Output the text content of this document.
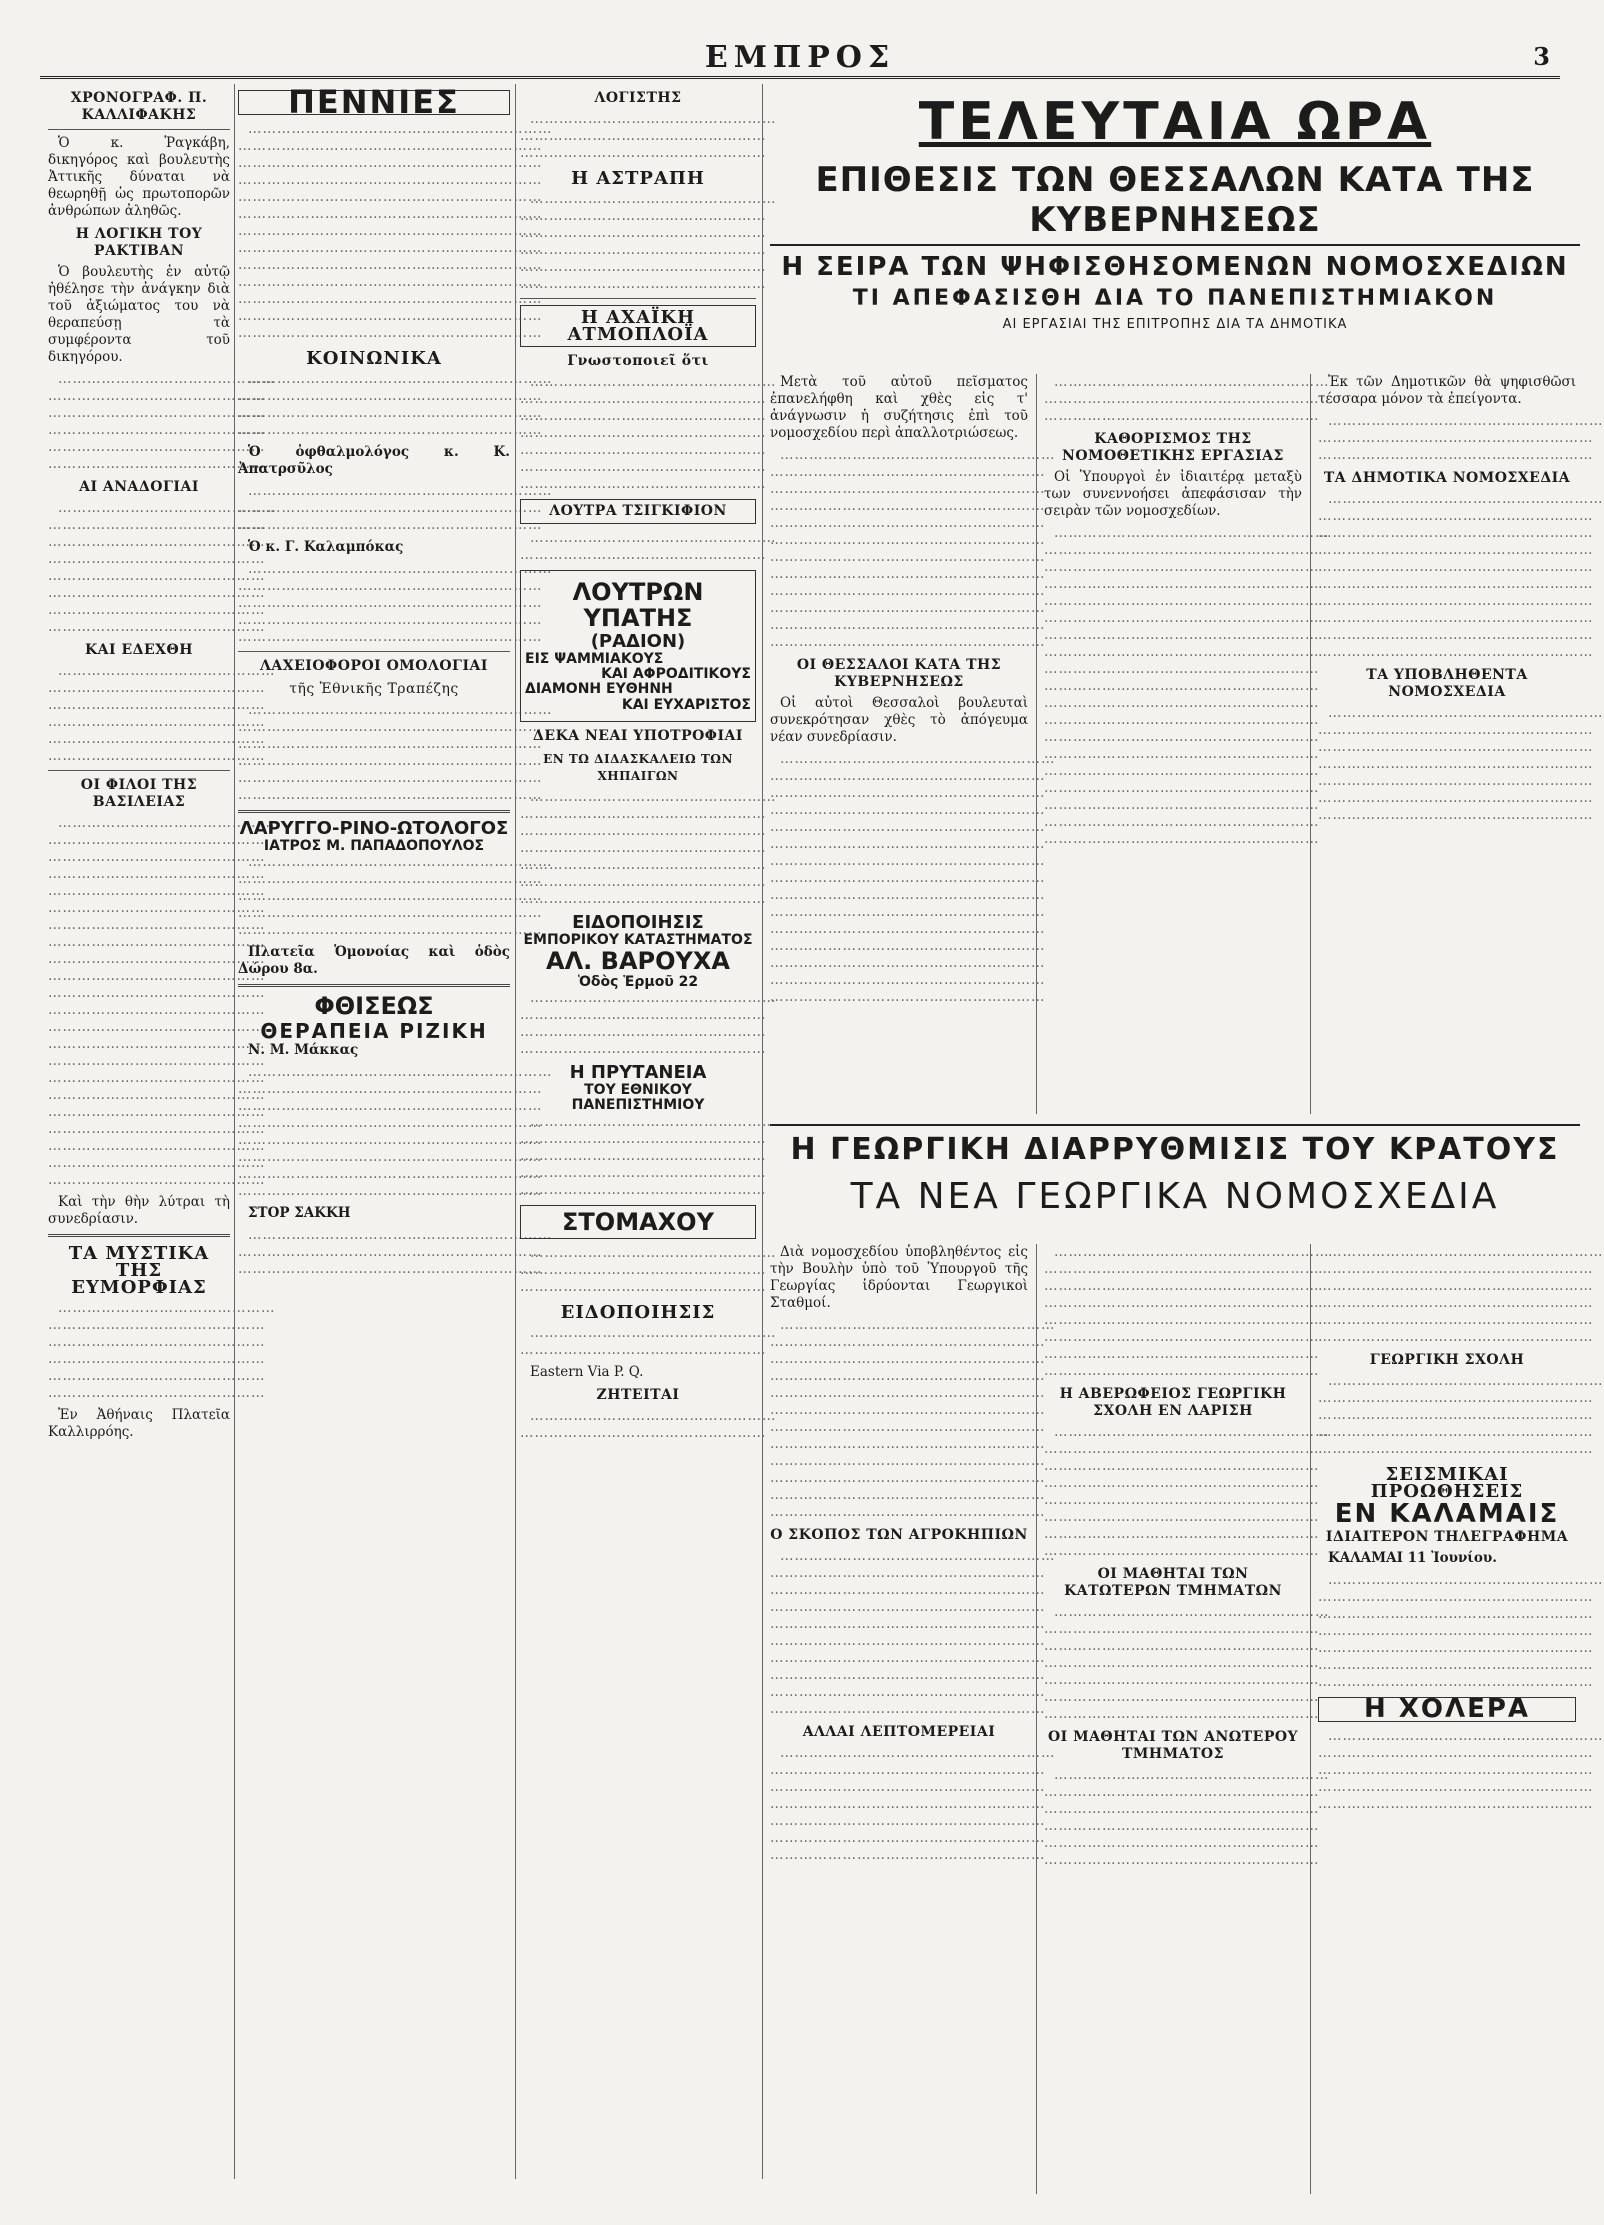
ΕΜΠΡΟΣ	3
ΧΡΟΝΟΓΡΑΦ. Π. ΚΑΛΛΙΦΑΚΗΣ

Ὁ κ. Ῥαγκάβη, δικηγόρος καὶ βουλευτὴς Ἀττικῆς δύναται νὰ θεωρηθῇ ὡς πρωτοπορῶν ἀνθρώπων ἀληθῶς.

Η ΛΟΓΙΚΗ ΤΟΥ ΡΑΚΤΙΒΑΝ

Ὁ βουλευτὴς ἐν αὐτῷ ἠθέλησε τὴν ἀνάγκην διὰ τοῦ ἀξιώματος του νὰ θεραπεύσῃ τὰ συμφέροντα τοῦ δικηγόρου.

……………………………………… ……………………………………… ……………………………………… ……………………………………… ……………………………………… ………………………………………

ΑΙ ΑΝΑΔΟΓΙΑΙ

……………………………………… ……………………………………… ……………………………………… ……………………………………… ……………………………………… ……………………………………… ……………………………………… ………………………………………

ΚΑΙ ΕΔΕΧΘΗ

……………………………………… ……………………………………… ……………………………………… ……………………………………… ……………………………………… ………………………………………

ΟΙ ΦΙΛΟΙ ΤΗΣ ΒΑΣΙΛΕΙΑΣ

……………………………………… ……………………………………… ……………………………………… ……………………………………… ……………………………………… ……………………………………… ……………………………………… ……………………………………… ……………………………………… ……………………………………… ……………………………………… ……………………………………… ……………………………………… ……………………………………… ……………………………………… ……………………………………… ……………………………………… ……………………………………… ……………………………………… ……………………………………… ……………………………………… ………………………………………

Καὶ τὴν θὴν λύτραι τὴ συνεδρίασιν.

ΤΑ ΜΥΣΤΙΚΑ ΤΗΣ ΕΥΜΟΡΦΙΑΣ

……………………………………… ……………………………………… ……………………………………… ……………………………………… ……………………………………… ………………………………………

Ἐν Ἀθήναις Πλατεῖα Καλλιρρόης.

ΠΕΝΝΙΕΣ

……………………………………………………… ……………………………………………………… ……………………………………………………… ……………………………………………………… ……………………………………………………… ……………………………………………………… ……………………………………………………… ……………………………………………………… ……………………………………………………… ……………………………………………………… ……………………………………………………… ……………………………………………………… ………………………………………………………

ΚΟΙΝΩΝΙΚΑ

……………………………………………………… ……………………………………………………… ……………………………………………………… ………………………………………………………

Ὁ ὀφθαλμολόγος κ. Κ. Ἀπατρσῦλος

……………………………………………………… ……………………………………………………… ………………………………………………………

Ὁ κ. Γ. Καλαμπόκας

……………………………………………………… ……………………………………………………… ……………………………………………………… ……………………………………………………… ………………………………………………………

ΛΑΧΕΙΟΦΟΡΟΙ ΟΜΟΛΟΓΙΑΙ
τῆς Ἐθνικῆς Τραπέζης

……………………………………………………… ……………………………………………………… ……………………………………………………… ……………………………………………………… ……………………………………………………… ………………………………………………………

ΛΑΡΥΓΓΟ-ΡΙΝΟ-ΩΤΟΛΟΓΟΣ
ΙΑΤΡΟΣ Μ. ΠΑΠΑΔΟΠΟΥΛΟΣ

……………………………………………………… ……………………………………………………… ……………………………………………………… ……………………………………………………… ………………………………………………………

Πλατεῖα Ὁμονοίας καὶ ὁδὸς Δώρου 8α.

ΦΘΙΣΕΩΣ
ΘΕΡΑΠΕΙΑ ΡΙΖΙΚΗ

Ν. Μ. Μάκκας

……………………………………………………… ……………………………………………………… ……………………………………………………… ……………………………………………………… ……………………………………………………… ……………………………………………………… ……………………………………………………… ………………………………………………………

ΣΤΟΡ ΣΑΚΚΗ

……………………………………………………… ……………………………………………………… ………………………………………………………

ΛΟΓΙΣΤΗΣ

…………………………………………… …………………………………………… ……………………………………………

Η ΑΣΤΡΑΠΗ

…………………………………………… …………………………………………… …………………………………………… …………………………………………… …………………………………………… ……………………………………………

Η ΑΧΑΪΚΗ ΑΤΜΟΠΛΟΪΑ
Γνωστοποιεῖ ὅτι

…………………………………………… …………………………………………… …………………………………………… …………………………………………… …………………………………………… …………………………………………… ……………………………………………

ΛΟΥΤΡΑ ΤΣΙΓΚΙΦΙΟΝ

…………………………………………… ……………………………………………

ΛΟΥΤΡΩΝ ΥΠΑΤΗΣ
(ΡΑΔΙΟΝ)
ΕΙΣ ΨΑΜΜΙΑΚΟΥΣ
ΚΑΙ ΑΦΡΟΔΙΤΙΚΟΥΣ
ΔΙΑΜΟΝΗ ΕΥΘΗΝΗ
ΚΑΙ ΕΥΧΑΡΙΣΤΟΣ
ΔΕΚΑ ΝΕΑΙ ΥΠΟΤΡΟΦΙΑΙ
ΕΝ ΤΩ ΔΙΔΑΣΚΑΛΕΙΩ ΤΩΝ ΧΗΠΑΙΓΩΝ

…………………………………………… …………………………………………… …………………………………………… …………………………………………… …………………………………………… …………………………………………… ……………………………………………

ΕΙΔΟΠΟΙΗΣΙΣ
ΕΜΠΟΡΙΚΟΥ ΚΑΤΑΣΤΗΜΑΤΟΣ
ΑΛ. ΒΑΡΟΥΧΑ
Ὁδὸς Ἑρμοῦ 22

…………………………………………… …………………………………………… …………………………………………… ……………………………………………

Η ΠΡΥΤΑΝΕΙΑ
ΤΟΥ ΕΘΝΙΚΟΥ ΠΑΝΕΠΙΣΤΗΜΙΟΥ

…………………………………………… …………………………………………… …………………………………………… …………………………………………… ……………………………………………

ΣΤΟΜΑΧΟΥ

…………………………………………… …………………………………………… ……………………………………………

ΕΙΔΟΠΟΙΗΣΙΣ

…………………………………………… ……………………………………………

Eastern Via P. Q.

ΖΗΤΕΙΤΑΙ

…………………………………………… ……………………………………………

ΤΕΛΕΥΤΑΙΑ ΩΡΑ
ΕΠΙΘΕΣΙΣ ΤΩΝ ΘΕΣΣΑΛΩΝ ΚΑΤΑ ΤΗΣ ΚΥΒΕΡΝΗΣΕΩΣ
Η ΣΕΙΡΑ ΤΩΝ ΨΗΦΙΣΘΗΣΟΜΕΝΩΝ ΝΟΜΟΣΧΕΔΙΩΝ
ΤΙ ΑΠΕΦΑΣΙΣΘΗ ΔΙΑ ΤΟ ΠΑΝΕΠΙΣΤΗΜΙΑΚΟΝ
ΑΙ ΕΡΓΑΣΙΑΙ ΤΗΣ ΕΠΙΤΡΟΠΗΣ ΔΙΑ ΤΑ ΔΗΜΟΤΙΚΑ

Μετὰ τοῦ αὐτοῦ πεῖσματος ἐπανελήφθη καὶ χθὲς εἰς τ' ἀνάγνωσιν ἡ συζήτησις ἐπὶ τοῦ νομοσχεδίου περὶ ἀπαλλοτριώσεως.

………………………………………………… ………………………………………………… ………………………………………………… ………………………………………………… ………………………………………………… ………………………………………………… ………………………………………………… ………………………………………………… ………………………………………………… ………………………………………………… ………………………………………………… …………………………………………………

ΟΙ ΘΕΣΣΑΛΟΙ ΚΑΤΑ ΤΗΣ ΚΥΒΕΡΝΗΣΕΩΣ

Οἱ αὐτοὶ Θεσσαλοὶ βουλευταὶ συνεκρότησαν χθὲς τὸ ἀπόγευμα νέαν συνεδρίασιν.

………………………………………………… ………………………………………………… ………………………………………………… ………………………………………………… ………………………………………………… ………………………………………………… ………………………………………………… ………………………………………………… ………………………………………………… ………………………………………………… ………………………………………………… ………………………………………………… ………………………………………………… ………………………………………………… …………………………………………………

………………………………………………… ………………………………………………… …………………………………………………

ΚΑΘΟΡΙΣΜΟΣ ΤΗΣ ΝΟΜΟΘΕΤΙΚΗΣ ΕΡΓΑΣΙΑΣ

Οἱ Ὑπουργοὶ ἐν ἰδιαιτέρᾳ μεταξὺ των συνεννοήσει ἀπεφάσισαν τὴν σειρὰν τῶν νομοσχεδίων.

………………………………………………… ………………………………………………… ………………………………………………… ………………………………………………… ………………………………………………… ………………………………………………… ………………………………………………… ………………………………………………… ………………………………………………… ………………………………………………… ………………………………………………… ………………………………………………… ………………………………………………… ………………………………………………… ………………………………………………… ………………………………………………… ………………………………………………… ………………………………………………… …………………………………………………

Ἐκ τῶν Δημοτικῶν θὰ ψηφισθῶσι τέσσαρα μόνον τὰ ἐπείγοντα.

………………………………………………… ………………………………………………… …………………………………………………

ΤΑ ΔΗΜΟΤΙΚΑ ΝΟΜΟΣΧΕΔΙΑ

………………………………………………… ………………………………………………… ………………………………………………… ………………………………………………… ………………………………………………… ………………………………………………… ………………………………………………… ………………………………………………… ………………………………………………… …………………………………………………

ΤΑ ΥΠΟΒΛΗΘΕΝΤΑ ΝΟΜΟΣΧΕΔΙΑ

………………………………………………… ………………………………………………… ………………………………………………… ………………………………………………… ………………………………………………… ………………………………………………… …………………………………………………

Η ΓΕΩΡΓΙΚΗ ΔΙΑΡΡΥΘΜΙΣΙΣ ΤΟΥ ΚΡΑΤΟΥΣ
ΤΑ ΝΕΑ ΓΕΩΡΓΙΚΑ ΝΟΜΟΣΧΕΔΙΑ

Διὰ νομοσχεδίου ὑποβληθέντος εἰς τὴν Βουλὴν ὑπὸ τοῦ Ὑπουργοῦ τῆς Γεωργίας ἱδρύονται Γεωργικοὶ Σταθμοί.

………………………………………………… ………………………………………………… ………………………………………………… ………………………………………………… ………………………………………………… ………………………………………………… ………………………………………………… ………………………………………………… ………………………………………………… ………………………………………………… ………………………………………………… …………………………………………………

Ο ΣΚΟΠΟΣ ΤΩΝ ΑΓΡΟΚΗΠΙΩΝ

………………………………………………… ………………………………………………… ………………………………………………… ………………………………………………… ………………………………………………… ………………………………………………… ………………………………………………… ………………………………………………… ………………………………………………… …………………………………………………

ΑΛΛΑΙ ΛΕΠΤΟΜΕΡΕΙΑΙ

………………………………………………… ………………………………………………… ………………………………………………… ………………………………………………… ………………………………………………… ………………………………………………… …………………………………………………

………………………………………………… ………………………………………………… ………………………………………………… ………………………………………………… ………………………………………………… ………………………………………………… ………………………………………………… …………………………………………………

Η ΑΒΕΡΩΦΕΙΟΣ ΓΕΩΡΓΙΚΗ ΣΧΟΛΗ ΕΝ ΛΑΡΙΣΗ

………………………………………………… ………………………………………………… ………………………………………………… ………………………………………………… ………………………………………………… ………………………………………………… ………………………………………………… …………………………………………………

ΟΙ ΜΑΘΗΤΑΙ ΤΩΝ ΚΑΤΩΤΕΡΩΝ ΤΜΗΜΑΤΩΝ

………………………………………………… ………………………………………………… ………………………………………………… ………………………………………………… ………………………………………………… ………………………………………………… …………………………………………………

ΟΙ ΜΑΘΗΤΑΙ ΤΩΝ ΑΝΩΤΕΡΟΥ ΤΜΗΜΑΤΟΣ

………………………………………………… ………………………………………………… ………………………………………………… ………………………………………………… ………………………………………………… …………………………………………………

………………………………………………… ………………………………………………… ………………………………………………… ………………………………………………… ………………………………………………… …………………………………………………

ΓΕΩΡΓΙΚΗ ΣΧΟΛΗ

………………………………………………… ………………………………………………… ………………………………………………… ………………………………………………… …………………………………………………

ΣΕΙΣΜΙΚΑΙ ΠΡΟΩΘΗΣΕΙΣ
ΕΝ ΚΑΛΑΜΑΙΣ
ΙΔΙΑΙΤΕΡΟΝ ΤΗΛΕΓΡΑΦΗΜΑ

ΚΑΛΑΜΑΙ 11 Ἰουνίου.

………………………………………………… ………………………………………………… ………………………………………………… ………………………………………………… ………………………………………………… ………………………………………………… …………………………………………………

Η ΧΟΛΕΡΑ

………………………………………………… ………………………………………………… ………………………………………………… ………………………………………………… …………………………………………………
